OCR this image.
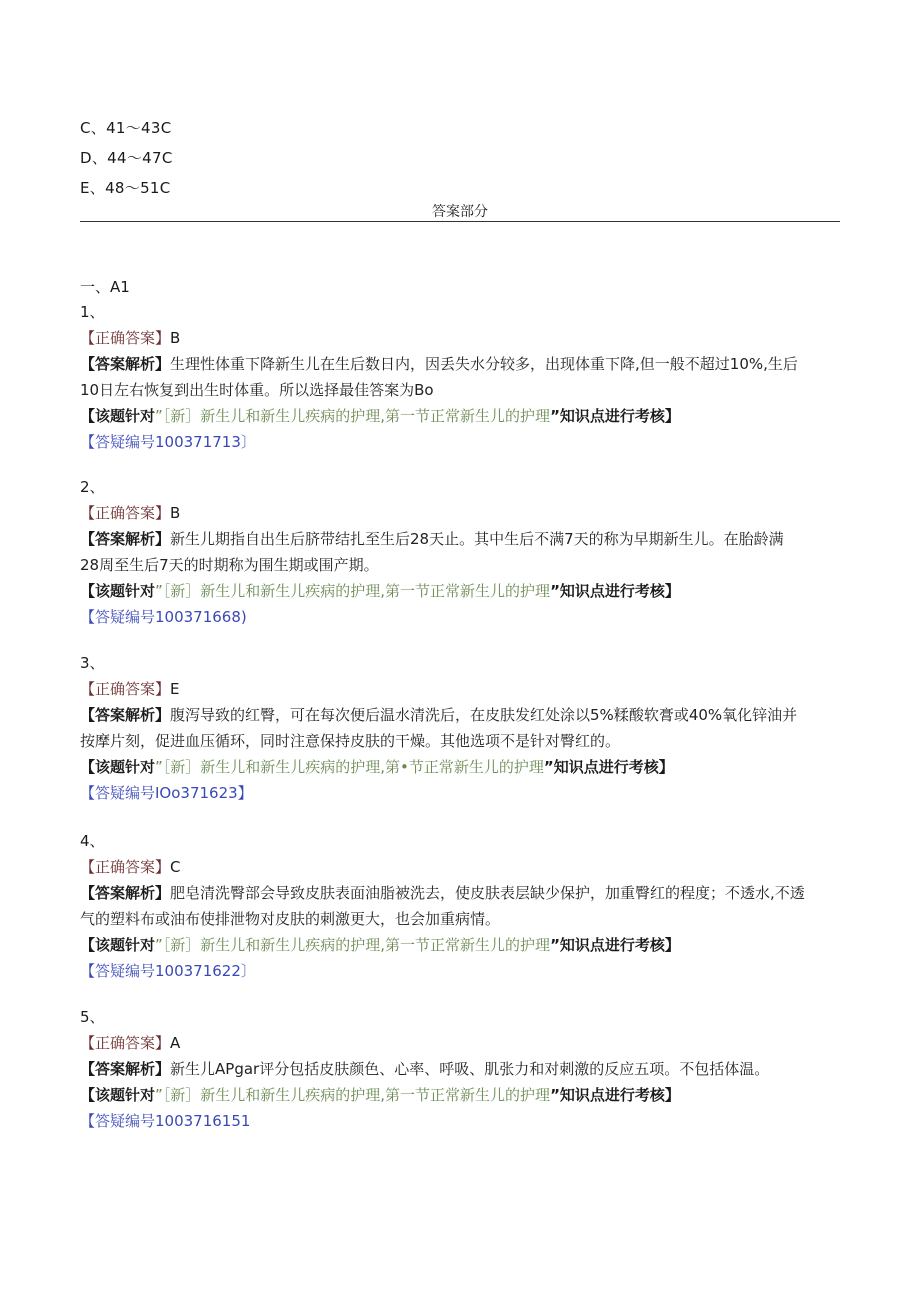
C、41～43C
D、44～47C
E、48～51C
答案部分
一、A1
1、
【正确答案】B
【答案解析】生理性体重下降新生儿在生后数日内，因丢失水分较多，出现体重下降,但一般不超过10%,生后
10日左右恢复到出生时体重。所以选择最佳答案为Bo
【该题针对”［新］新生儿和新生儿疾病的护理,第一节正常新生儿的护理”知识点进行考核】
【答疑编号100371713〕
2、
【正确答案】B
【答案解析】新生儿期指自出生后脐带结扎至生后28天止。其中生后不满7天的称为早期新生儿。在胎龄满
28周至生后7天的时期称为围生期或围产期。
【该题针对”［新］新生儿和新生儿疾病的护理,第一节正常新生儿的护理”知识点进行考核】
【答疑编号100371668)
3、
【正确答案】E
【答案解析】腹泻导致的红臀，可在每次便后温水清洗后，在皮肤发红处涂以5%糅酸软膏或40%氧化锌油并
按摩片刻，促进血压循环，同时注意保持皮肤的干燥。其他选项不是针对臀红的。
【该题针对”［新］新生儿和新生儿疾病的护理,第•节正常新生儿的护理”知识点进行考核】
【答疑编号IOo371623】
4、
【正确答案】C
【答案解析】肥皂清洗臀部会导致皮肤表面油脂被洗去，使皮肤表层缺少保护，加重臀红的程度；不透水,不透
气的塑料布或油布使排泄物对皮肤的刺激更大，也会加重病情。
【该题针对”［新］新生儿和新生儿疾病的护理,第一节正常新生儿的护理”知识点进行考核】
【答疑编号100371622〕
5、
【正确答案】A
【答案解析】新生儿APgar评分包括皮肤颜色、心率、呼吸、肌张力和对刺激的反应五项。不包括体温。
【该题针对”［新］新生儿和新生儿疾病的护理,第一节正常新生儿的护理”知识点进行考核】
【答疑编号1003716151
